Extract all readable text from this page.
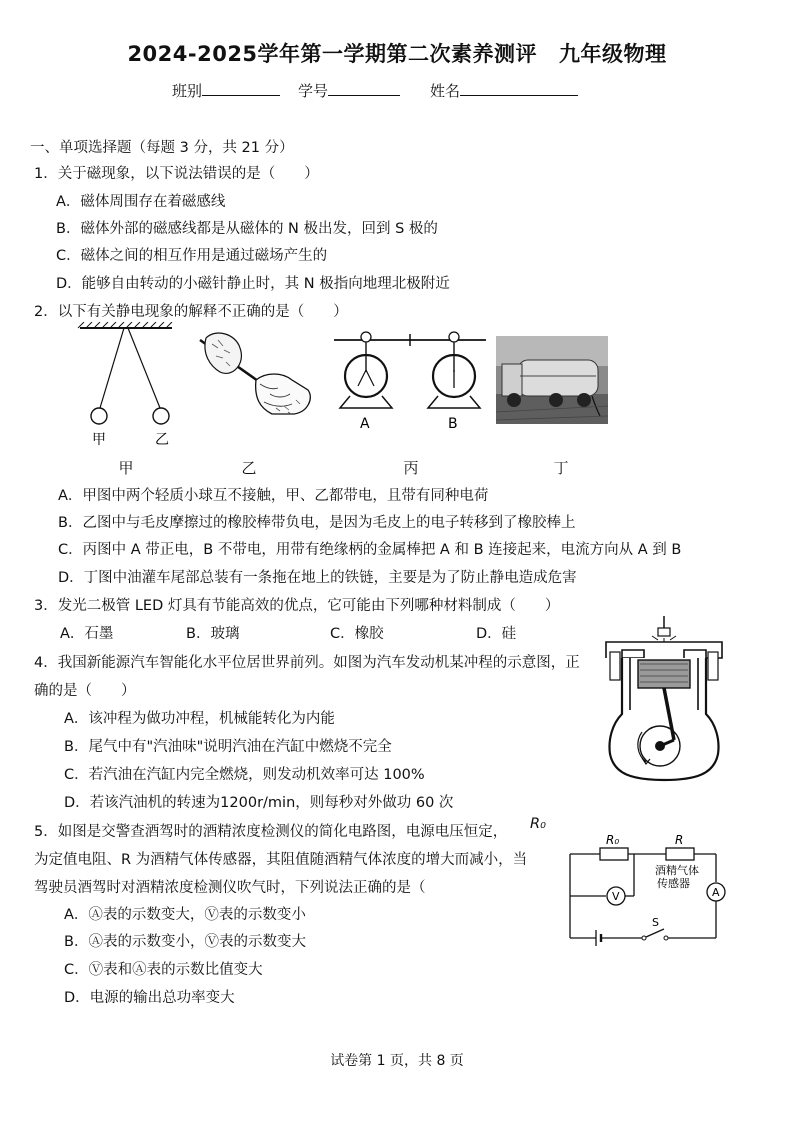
2024-2025学年第一学期第二次素养测评 九年级物理
班别	学号	姓名
一、单项选择题（每题 3 分，共 21 分）
1．关于磁现象，以下说法错误的是（　　）
A．磁体周围存在着磁感线
B．磁体外部的磁感线都是从磁体的 N 极出发，回到 S 极的
C．磁体之间的相互作用是通过磁场产生的
D．能够自由转动的小磁针静止时，其 N 极指向地理北极附近
2．以下有关静电现象的解释不正确的是（　　）
甲	乙
A	B
甲	乙	丙	丁
A．甲图中两个轻质小球互不接触，甲、乙都带电，且带有同种电荷
B．乙图中与毛皮摩擦过的橡胶棒带负电，是因为毛皮上的电子转移到了橡胶棒上
C．丙图中 A 带正电，B 不带电，用带有绝缘柄的金属棒把 A 和 B 连接起来，电流方向从 A 到 B
D．丁图中油灌车尾部总装有一条拖在地上的铁链，主要是为了防止静电造成危害
3．发光二极管 LED 灯具有节能高效的优点，它可能由下列哪种材料制成（　　）
A．石墨	B．玻璃	C．橡胶	D．硅
4．我国新能源汽车智能化水平位居世界前列。如图为汽车发动机某冲程的示意图，正
确的是（　　）
A．该冲程为做功冲程，机械能转化为内能
B．尾气中有"汽油味"说明汽油在汽缸中燃烧不完全
C．若汽油在汽缸内完全燃烧，则发动机效率可达 100%
D．若该汽油机的转速为1200r/min，则每秒对外做功 60 次
5．如图是交警查酒驾时的酒精浓度检测仪的简化电路图，电源电压恒定， R₀
为定值电阻、R 为酒精气体传感器，其阻值随酒精气体浓度的增大而减小，当
驾驶员酒驾时对酒精浓度检测仪吹气时，下列说法正确的是（
A．Ⓐ表的示数变大，Ⓥ表的示数变小
B．Ⓐ表的示数变小，Ⓥ表的示数变大
C．Ⓥ表和Ⓐ表的示数比值变大
D．电源的输出总功率变大
R₀	R
酒精气体
传感器
V	A
S
试卷第 1 页，共 8 页
